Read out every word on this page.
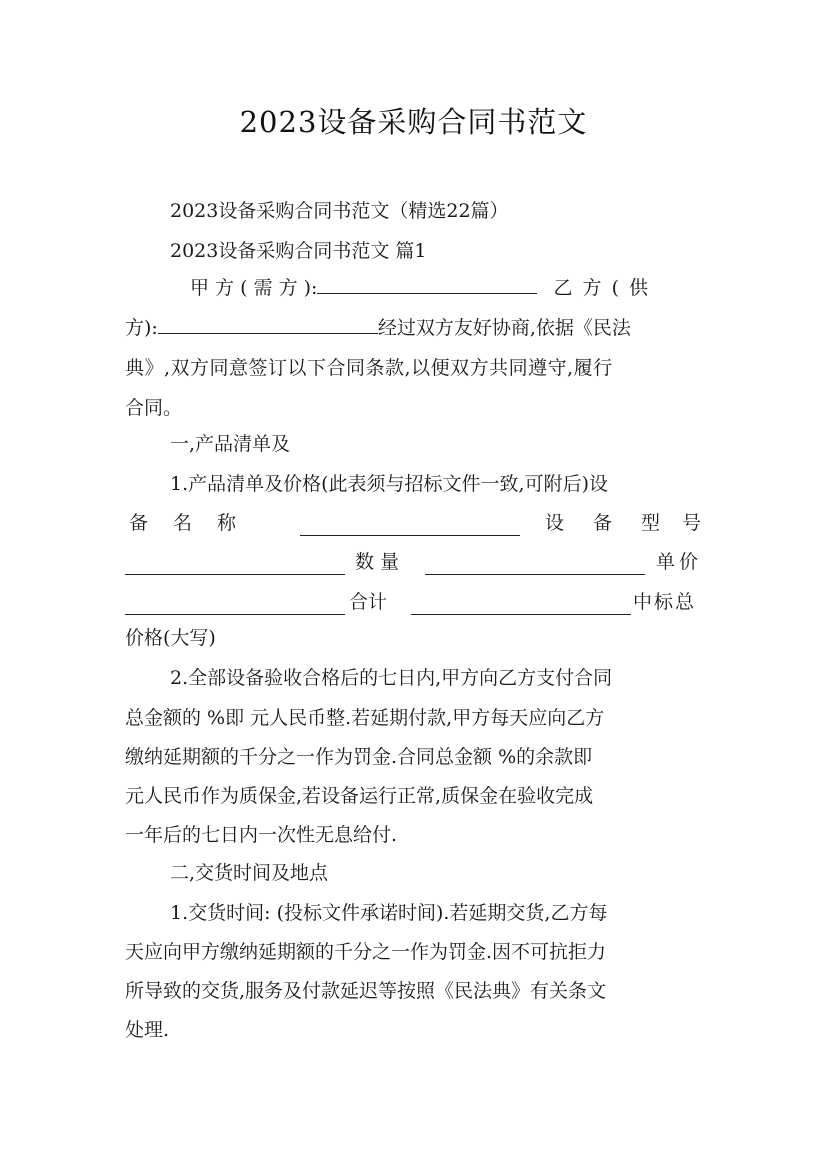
2023设备采购合同书范文
2023设备采购合同书范文（精选22篇）
2023设备采购合同书范文 篇1
甲 方 ( 需 方 ):	乙 方 ( 供
方):	经过双方友好协商,依据《民法
典》,双方同意签订以下合同条款,以便双方共同遵守,履行
合同。
一,产品清单及
1.产品清单及价格(此表须与招标文件一致,可附后)设
备 名 称	设 备 型 号
数量	单价
合计	中标总
价格(大写)
2.全部设备验收合格后的七日内,甲方向乙方支付合同
总金额的 %即 元人民币整.若延期付款,甲方每天应向乙方
缴纳延期额的千分之一作为罚金.合同总金额 %的余款即
元人民币作为质保金,若设备运行正常,质保金在验收完成
一年后的七日内一次性无息给付.
二,交货时间及地点
1.交货时间: (投标文件承诺时间).若延期交货,乙方每
天应向甲方缴纳延期额的千分之一作为罚金.因不可抗拒力
所导致的交货,服务及付款延迟等按照《民法典》有关条文
处理.
